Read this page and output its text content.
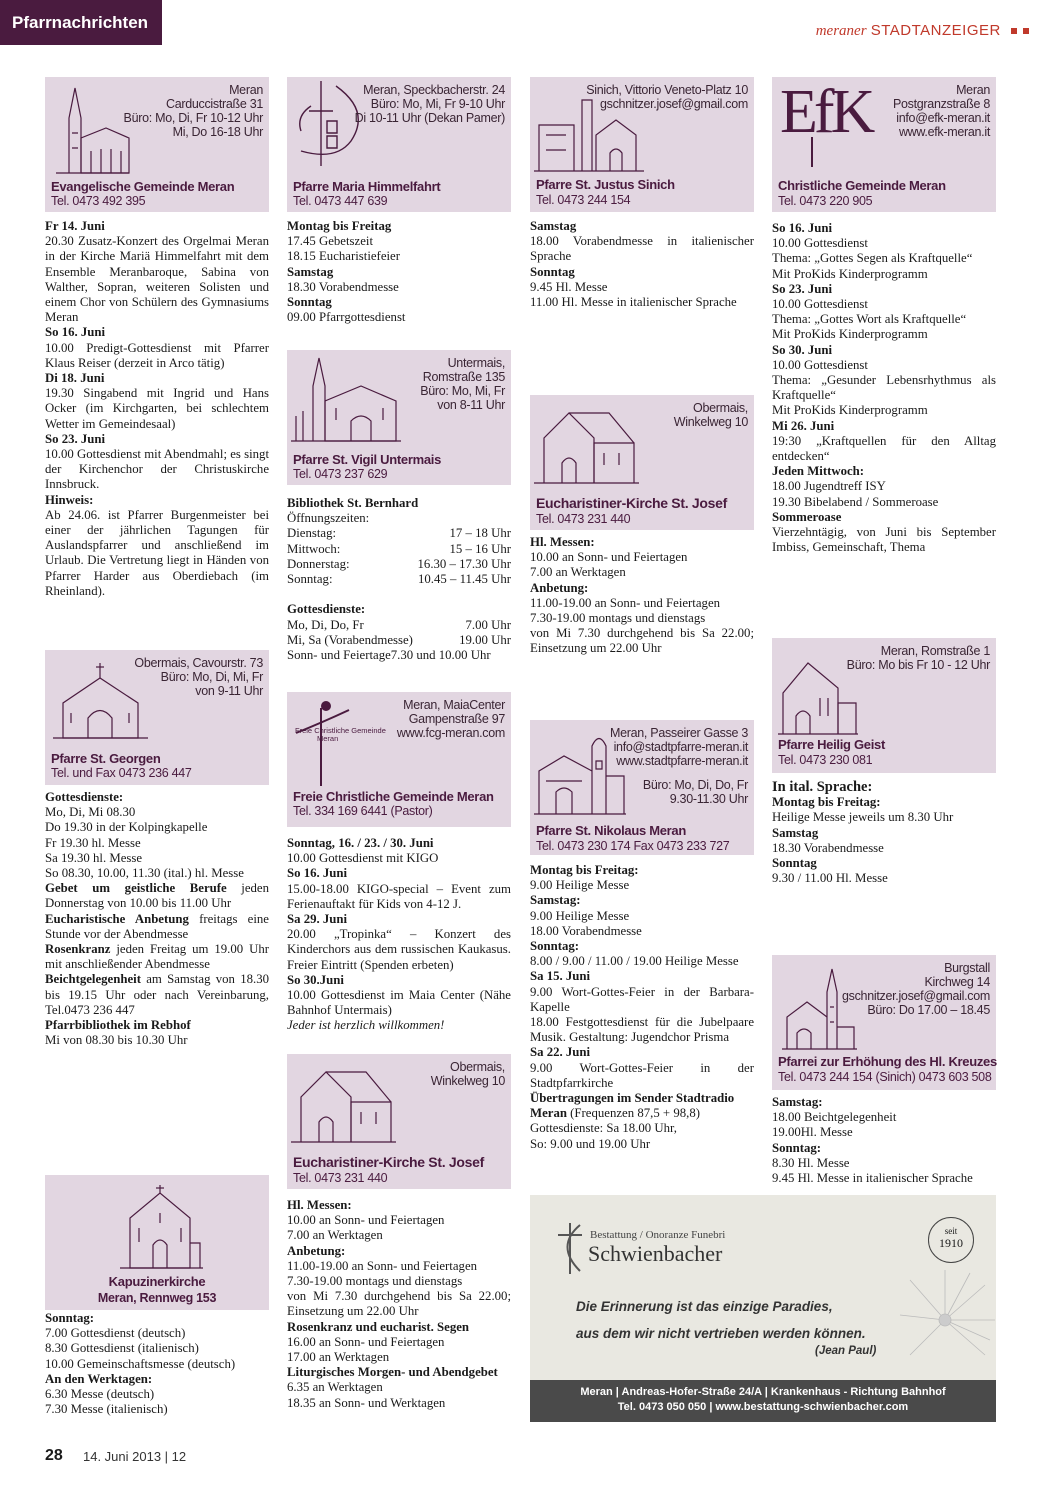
Pfarrnachrichten	meraner STADTANZEIGER
Meran
Carduccistraße 31
Büro: Mo, Di, Fr 10-12 Uhr
Mi, Do 16-18 Uhr
Evangelische Gemeinde Meran
Tel. 0473 492 395

Fr 14. Juni

20.30 Zusatz-Konzert des Orgelmai Meran in der Kirche Mariä Himmelfahrt mit dem Ensemble Meranbaroque, Sabina von Walther, Sopran, weiteren Solisten und einem Chor von Schülern des Gymnasiums Meran

So 16. Juni

10.00 Predigt-Gottesdienst mit Pfarrer Klaus Reiser (derzeit in Arco tätig)

Di 18. Juni

19.30 Singabend mit Ingrid und Hans Ocker (im Kirchgarten, bei schlechtem Wetter im Gemeindesaal)

So 23. Juni

10.00 Gottesdienst mit Abendmahl; es singt der Kirchenchor der Christuskirche Innsbruck.

Hinweis:

Ab 24.06. ist Pfarrer Burgenmeister bei einer der jährlichen Tagungen für Auslandspfarrer und anschließend im Urlaub. Die Vertretung liegt in Händen von Pfarrer Harder aus Oberdiebach (im Rheinland).

Obermais, Cavourstr. 73
Büro: Mo, Di, Mi, Fr
von 9-11 Uhr
Pfarre St. Georgen
Tel. und Fax 0473 236 447

Gottesdienste:

Mo, Di, Mi 08.30

Do 19.30 in der Kolpingkapelle

Fr 19.30 hl. Messe

Sa 19.30 hl. Messe

So 08.30, 10.00, 11.30 (ital.) hl. Messe

Gebet um geistliche Berufe jeden Donnerstag von 10.00 bis 11.00 Uhr

Eucharistische Anbetung freitags eine Stunde vor der Abendmesse

Rosenkranz jeden Freitag um 19.00 Uhr mit anschließender Abendmesse

Beichtgelegenheit am Samstag von 18.30 bis 19.15 Uhr oder nach Vereinbarung, Tel.0473 236 447

Pfarrbibliothek im Rebhof

Mi von 08.30 bis 10.30 Uhr

Kapuzinerkirche
Meran, Rennweg 153

Sonntag:

7.00 Gottesdienst (deutsch)

8.30 Gottesdienst (italienisch)

10.00 Gemeinschaftsmesse (deutsch)

An den Werktagen:

6.30 Messe (deutsch)

7.30 Messe (italienisch)

Meran, Speckbacherstr. 24
Büro: Mo, Mi, Fr 9-10 Uhr
Di 10-11 Uhr (Dekan Pamer)
Pfarre Maria Himmelfahrt
Tel. 0473 447 639

Montag bis Freitag

17.45 Gebetszeit

18.15 Eucharistiefeier

Samstag

18.30 Vorabendmesse

Sonntag

09.00 Pfarrgottesdienst

Untermais,
Romstraße 135
Büro: Mo, Mi, Fr
von 8-11 Uhr
Pfarre St. Vigil Untermais
Tel. 0473 237 629

Bibliothek St. Bernhard

Öffnungszeiten:

Dienstag:	17 – 18 Uhr
Mittwoch:	15 – 16 Uhr
Donnerstag:	16.30 – 17.30 Uhr
Sonntag:	10.45 – 11.45 Uhr

Gottesdienste:

Mo, Di, Do, Fr	7.00 Uhr
Mi, Sa (Vorabendmesse)	19.00 Uhr
Sonn- und Feiertage7.30 und 10.00 Uhr
Freie Christliche Gemeinde
Meran
Meran, MaiaCenter
Gampenstraße 97
www.fcg-meran.com
Freie Christliche Gemeinde Meran
Tel. 334 169 6441 (Pastor)

Sonntag, 16. / 23. / 30. Juni

10.00 Gottesdienst mit KIGO

So 16. Juni

15.00-18.00 KIGO-special – Event zum Ferienauftakt für Kids von 4-12 J.

Sa 29. Juni

20.00 „Tropinka“ – Konzert des Kinderchors aus dem russischen Kaukasus. Freier Eintritt (Spenden erbeten)

So 30.Juni

10.00 Gottesdienst im Maia Center (Nähe Bahnhof Untermais)

Jeder ist herzlich willkommen!

Obermais,
Winkelweg 10
Eucharistiner-Kirche St. Josef
Tel. 0473 231 440

Hl. Messen:

10.00 an Sonn- und Feiertagen

7.00 an Werktagen

Anbetung:

11.00-19.00 an Sonn- und Feiertagen

7.30-19.00 montags und dienstags

von Mi 7.30 durchgehend bis Sa 22.00; Einsetzung um 22.00 Uhr

Rosenkranz und eucharist. Segen

16.00 an Sonn- und Feiertagen

17.00 an Werktagen

Liturgisches Morgen- und Abendgebet

6.35 an Werktagen

18.35 an Sonn- und Werktagen

Sinich, Vittorio Veneto-Platz 10
gschnitzer.josef@gmail.com
Pfarre St. Justus Sinich
Tel. 0473 244 154

Samstag

18.00 Vorabendmesse in italienischer Sprache

Sonntag

9.45 Hl. Messe

11.00 Hl. Messe in italienischer Sprache

Obermais,
Winkelweg 10
Eucharistiner-Kirche St. Josef
Tel. 0473 231 440

Hl. Messen:

10.00 an Sonn- und Feiertagen

7.00 an Werktagen

Anbetung:

11.00-19.00 an Sonn- und Feiertagen

7.30-19.00 montags und dienstags

von Mi 7.30 durchgehend bis Sa 22.00; Einsetzung um 22.00 Uhr

Meran, Passeirer Gasse 3
info@stadtpfarre-meran.it
www.stadtpfarre-meran.it
Büro: Mo, Di, Do, Fr
9.30-11.30 Uhr
Pfarre St. Nikolaus Meran
Tel. 0473 230 174 Fax 0473 233 727

Montag bis Freitag:

9.00 Heilige Messe

Samstag:

9.00 Heilige Messe

18.00 Vorabendmesse

Sonntag:

8.00 / 9.00 / 11.00 / 19.00 Heilige Messe

Sa 15. Juni

9.00 Wort-Gottes-Feier in der Barbara-Kapelle

18.00 Festgottesdienst für die Jubelpaare Musik. Gestaltung: Jugendchor Prisma

Sa 22. Juni

9.00 Wort-Gottes-Feier in der Stadtpfarrkirche

Übertragungen im Sender Stadtradio

Meran (Frequenzen 87,5 + 98,8)

Gottesdienste: Sa 18.00 Uhr,

So: 9.00 und 19.00 Uhr

Bestattung / Onoranze Funebri
Schwienbacher
seit
1910
Die Erinnerung ist das einzige Paradies,
aus dem wir nicht vertrieben werden können.
(Jean Paul)
Meran | Andreas-Hofer-Straße 24/A | Krankenhaus - Richtung Bahnhof
Tel. 0473 050 050 | www.bestattung-schwienbacher.com
EfK	Meran
Postgranzstraße 8
info@efk-meran.it
www.efk-meran.it
Christliche Gemeinde Meran
Tel. 0473 220 905

So 16. Juni

10.00 Gottesdienst

Thema: „Gottes Segen als Kraftquelle“

Mit ProKids Kinderprogramm

So 23. Juni

10.00 Gottesdienst

Thema: „Gottes Wort als Kraftquelle“

Mit ProKids Kinderprogramm

So 30. Juni

10.00 Gottesdienst

Thema: „Gesunder Lebensrhythmus als Kraftquelle“

Mit ProKids Kinderprogramm

Mi 26. Juni

19:30 „Kraftquellen für den Alltag entdecken“

Jeden Mittwoch:

18.00 Jugendtreff ISY

19.30 Bibelabend / Sommeroase

Sommeroase

Vierzehntägig, von Juni bis September Imbiss, Gemeinschaft, Thema

Meran, Romstraße 1
Büro: Mo bis Fr 10 - 12 Uhr
Pfarre Heilig Geist
Tel. 0473 230 081

In ital. Sprache:

Montag bis Freitag:

Heilige Messe jeweils um 8.30 Uhr

Samstag

18.30 Vorabendmesse

Sonntag

9.30 / 11.00 Hl. Messe

Burgstall
Kirchweg 14
gschnitzer.josef@gmail.com
Büro: Do 17.00 – 18.45
Pfarrei zur Erhöhung des Hl. Kreuzes
Tel. 0473 244 154 (Sinich) 0473 603 508

Samstag:

18.00 Beichtgelegenheit

19.00Hl. Messe

Sonntag:

8.30 Hl. Messe

9.45 Hl. Messe in italienischer Sprache

28 14. Juni 2013 | 12
